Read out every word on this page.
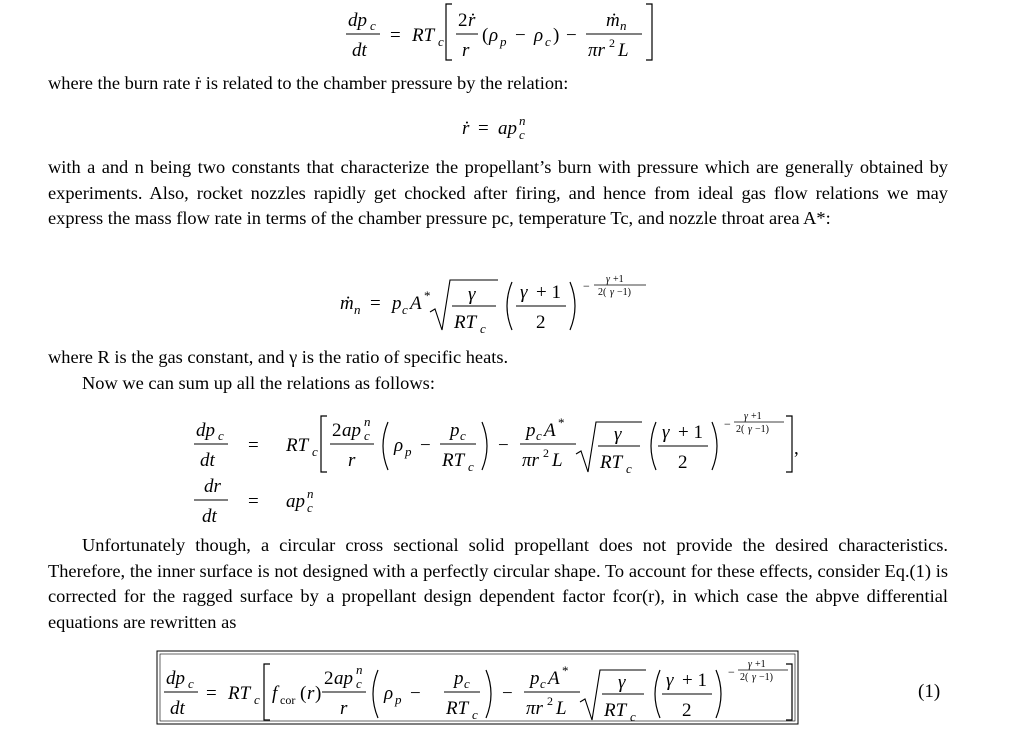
dp c
dt
= RT c
2 ṙ
r
( ρ p − ρ c ) −
ṁ n
πr 2 L
where the burn rate ṙ is related to the chamber pressure by the relation:
ṙ = ap c
n
with a and n being two constants that characterize the propellant’s burn with pressure which are generally obtained by experiments. Also, rocket nozzles rapidly get chocked after firing, and hence from ideal gas flow relations we may express the mass flow rate in terms of the chamber pressure pc, temperature Tc, and nozzle throat area A*:
ṁ n = p c A * γ
RT c
γ + 1
2
− γ +1
2( γ −1)
where R is the gas constant, and γ is the ratio of specific heats.
Now we can sum up all the relations as follows:
dp c
dt
= RT c
2 ap c
n
r
ρ p −
p c
RT c
−
p c A *
πr 2 L
γ
RT c
γ + 1
2
−
γ +1
2( γ −1)
,
dr
dt
= ap c
n
Unfortunately though, a circular cross sectional solid propellant does not provide the desired characteristics. Therefore, the inner surface is not designed with a perfectly circular shape. To account for these effects, consider Eq.(1) is corrected for the ragged surface by a propellant design dependent factor fcor(r), in which case the abpve differential equations are rewritten as
dp c
dt
= RT c f cor ( r )
2 ap c
n
r
ρ p −
p c
RT c
−
p c A *
πr 2 L
γ
RT c
γ + 1
2
−
γ +1
2( γ −1)
(1)
